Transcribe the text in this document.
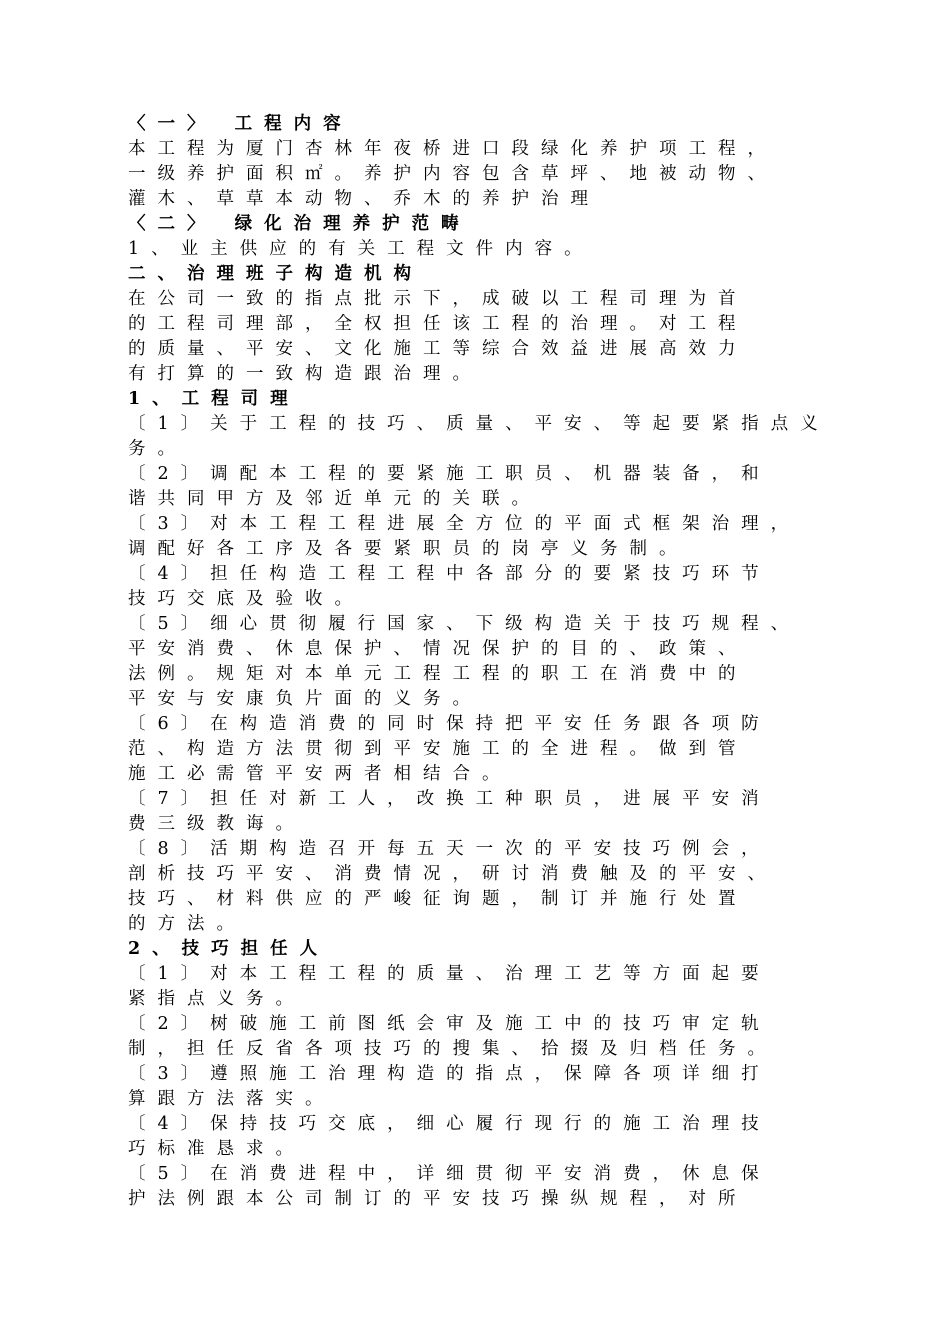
〈一〉 工程内容
本工程为厦门杏林年夜桥进口段绿化养护项工程，
一级养护面积㎡。养护内容包含草坪、地被动物、
灌木、草草本动物、乔木的养护治理
〈二〉 绿化治理养护范畴
1、业主供应的有关工程文件内容。
二、治理班子构造机构
在公司一致的指点批示下，成破以工程司理为首
的工程司理部，全权担任该工程的治理。对工程
的质量、平安、文化施工等综合效益进展高效力
有打算的一致构造跟治理。
1、工程司理
〔1〕关于工程的技巧、质量、平安、等起要紧指点义
务。
〔2〕调配本工程的要紧施工职员、机器装备，和
谐共同甲方及邻近单元的关联。
〔3〕对本工程工程进展全方位的平面式框架治理，
调配好各工序及各要紧职员的岗亭义务制。
〔4〕担任构造工程工程中各部分的要紧技巧环节
技巧交底及验收。
〔5〕细心贯彻履行国家、下级构造关于技巧规程、
平安消费、休息保护、情况保护的目的、政策、
法例。规矩对本单元工程工程的职工在消费中的
平安与安康负片面的义务。
〔6〕在构造消费的同时保持把平安任务跟各项防
范、构造方法贯彻到平安施工的全进程。做到管
施工必需管平安两者相结合。
〔7〕担任对新工人，改换工种职员，进展平安消
费三级教诲。
〔8〕活期构造召开每五天一次的平安技巧例会，
剖析技巧平安、消费情况，研讨消费触及的平安、
技巧、材料供应的严峻征询题，制订并施行处置
的方法。
2、技巧担任人
〔1〕对本工程工程的质量、治理工艺等方面起要
紧指点义务。
〔2〕树破施工前图纸会审及施工中的技巧审定轨
制，担任反省各项技巧的搜集、拾掇及归档任务。
〔3〕遵照施工治理构造的指点，保障各项详细打
算跟方法落实。
〔4〕保持技巧交底，细心履行现行的施工治理技
巧标准恳求。
〔5〕在消费进程中，详细贯彻平安消费，休息保
护法例跟本公司制订的平安技巧操纵规程，对所
